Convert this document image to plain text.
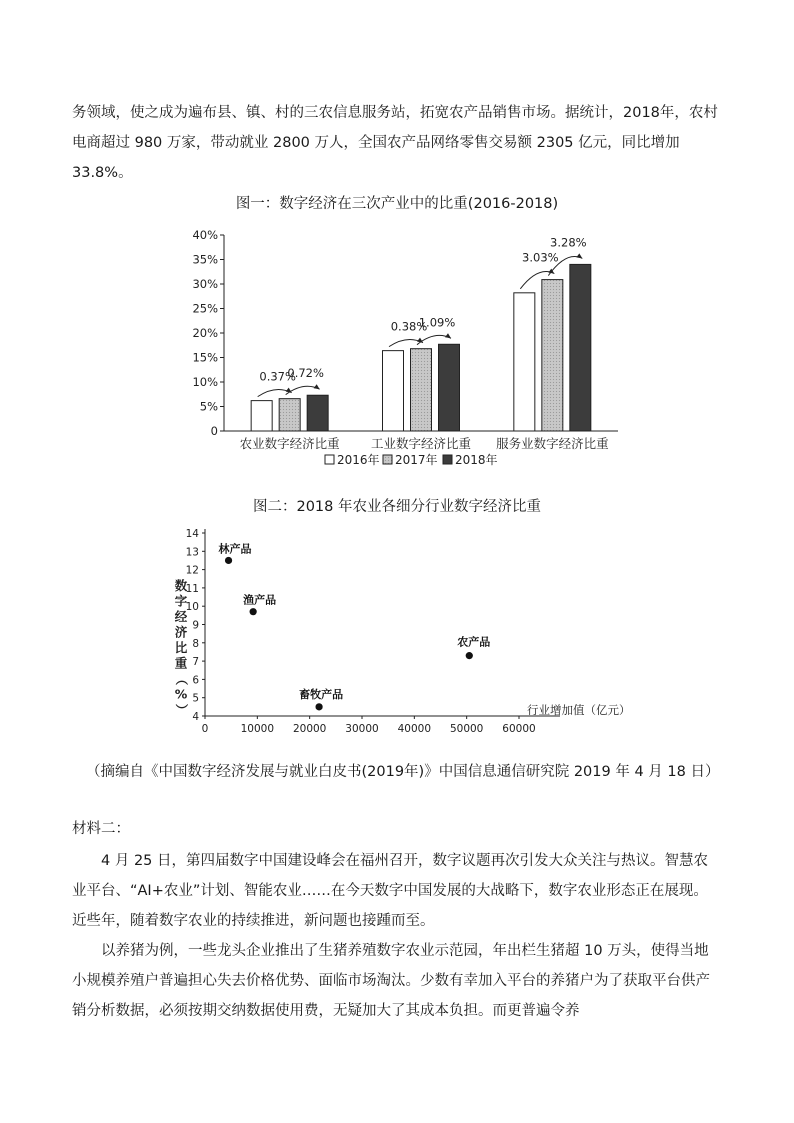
务领域，使之成为遍布县、镇、村的三农信息服务站，拓宽农产品销售市场。据统计，2018年，农村电商超过 980 万家，带动就业 2800 万人，全国农产品网络零售交易额 2305 亿元，同比增加 33.8%。

图一：数字经济在三次产业中的比重(2016-2018)

0
5%
10%
15%
20%
25%
30%
35%
40%
0.37%
0.72%
农业数字经济比重
0.38%
1.09%
工业数字经济比重
3.03%
3.28%
服务业数字经济比重
2016年 2017年 2018年

图二：2018 年农业各细分行业数字经济比重

4
5
6
7
8
9
10
11
12
13
14
0	10000 20000 30000 40000 50000 60000
行业增加值（亿元）
数
字
经
济
比
重
（
%
）
林产品
渔产品
农产品
畜牧产品

（摘编自《中国数字经济发展与就业白皮书(2019年)》中国信息通信研究院 2019 年 4 月 18 日）

材料二：

4 月 25 日，第四届数字中国建设峰会在福州召开，数字议题再次引发大众关注与热议。智慧农业平台、“AI+农业”计划、智能农业……在今天数字中国发展的大战略下，数字农业形态正在展现。近些年，随着数字农业的持续推进，新问题也接踵而至。

以养猪为例，一些龙头企业推出了生猪养殖数字农业示范园，年出栏生猪超 10 万头，使得当地小规模养殖户普遍担心失去价格优势、面临市场淘汰。少数有幸加入平台的养猪户为了获取平台供产销分析数据，必须按期交纳数据使用费，无疑加大了其成本负担。而更普遍令养
